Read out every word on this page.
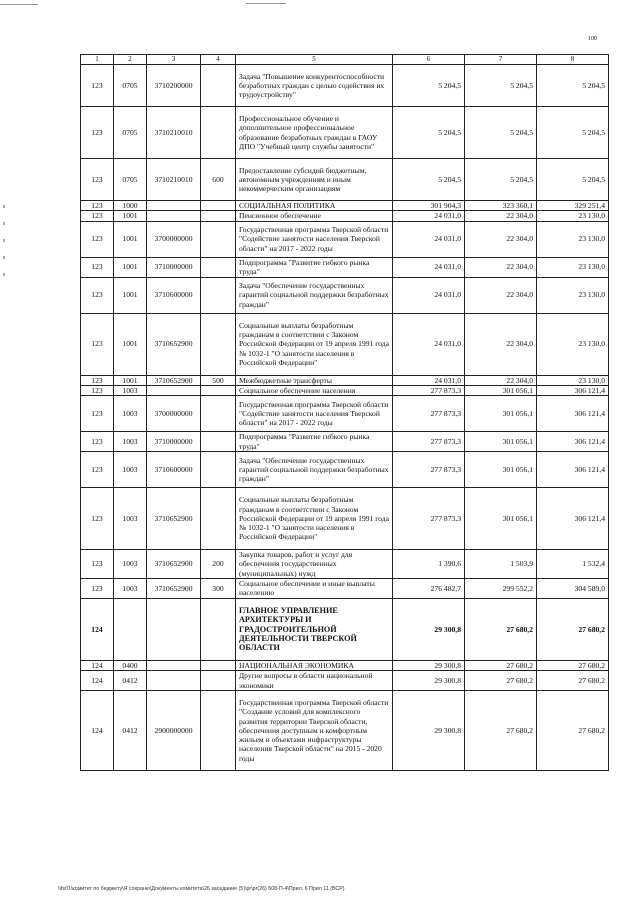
100
1	2	3	4	5	6	7	8
123	0705	3710200000		Задача "Повышение конкурентоспособности безработных граждан с целью содействия их трудоустройству"	5 204,5	5 204,5	5 204,5
123	0705	3710210010		Профессиональное обучение и дополнительное профессиональное образование безработных граждан в ГАОУ ДПО "Учебный центр службы занятости"	5 204,5	5 204,5	5 204,5
123	0705	3710210010	600	Предоставление субсидий бюджетным, автономным учреждениям и иным некоммерческим организациям	5 204,5	5 204,5	5 204,5
123	1000			СОЦИАЛЬНАЯ ПОЛИТИКА	301 904,3	323 360,1	329 251,4
123	1001			Пенсионное обеспечение	24 031,0	22 304,0	23 130,0
123	1001	3700000000		Государственная программа Тверской области "Содействие занятости населения Тверской области" на 2017 - 2022 годы	24 031,0	22 304,0	23 130,0
123	1001	3710000000		Подпрограмма "Развитие гибкого рынка труда"	24 031,0	22 304,0	23 130,0
123	1001	3710600000		Задача "Обеспечение государственных гарантий социальной поддержки безработных граждан"	24 031,0	22 304,0	23 130,0
123	1001	3710652900		Социальные выплаты безработным гражданам в соответствии с Законом Российской Федерации от 19 апреля 1991 года № 1032-1 "О занятости населения в Российской Федерации"	24 031,0	22 304,0	23 130,0
123	1001	3710652900	500	Межбюджетные трансферты	24 031,0	22 304,0	23 130,0
123	1003			Социальное обеспечение населения	277 873,3	301 056,1	306 121,4
123	1003	3700000000		Государственная программа Тверской области "Содействие занятости населения Тверской области" на 2017 - 2022 годы	277 873,3	301 056,1	306 121,4
123	1003	3710000000		Подпрограмма "Развитие гибкого рынка труда"	277 873,3	301 056,1	306 121,4
123	1003	3710600000		Задача "Обеспечение государственных гарантий социальной поддержки безработных граждан"	277 873,3	301 056,1	306 121,4
123	1003	3710652900		Социальные выплаты безработным гражданам в соответствии с Законом Российской Федерации от 19 апреля 1991 года № 1032-1 "О занятости населения в Российской Федерации"	277 873,3	301 056,1	306 121,4
123	1003	3710652900	200	Закупка товаров, работ и услуг для обеспечения государственных (муниципальных) нужд	1 390,6	1 503,9	1 532,4
123	1003	3710652900	300	Социальное обеспечение и иные выплаты населению	276 482,7	299 552,2	304 589,0
124				ГЛАВНОЕ УПРАВЛЕНИЕ АРХИТЕКТУРЫ И ГРАДОСТРОИТЕЛЬНОЙ ДЕЯТЕЛЬНОСТИ ТВЕРСКОЙ ОБЛАСТИ	29 300,8	27 680,2	27 680,2
124	0400			НАЦИОНАЛЬНАЯ ЭКОНОМИКА	29 300,8	27 680,2	27 680,2
124	0412			Другие вопросы в области национальной экономики	29 300,8	27 680,2	27 680,2
124	0412	2900000000		Государственная программа Тверской области "Создание условий для комплексного развития территории Тверской области, обеспечения доступным и комфортным жильем и объектами инфраструктуры населения Тверской области" на 2015 - 2020 годы	29 300,8	27 680,2	27 680,2
\\fs01\комитет по бюджету\Я сохраню\Документы комитета\26 заседание (5)\pr\pr(26) 508-П-4\Прил. 6 Прил 11 (ВСР)
